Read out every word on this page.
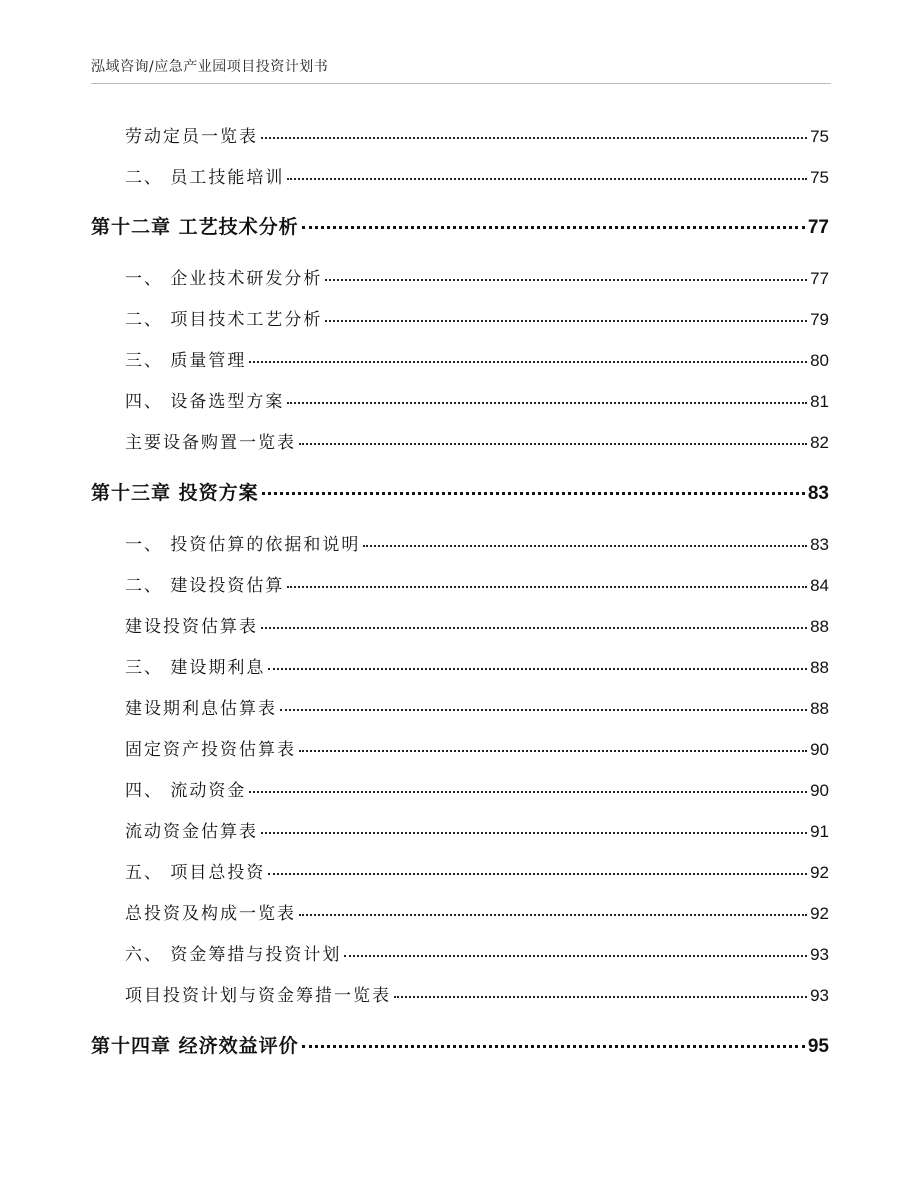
泓域咨询/应急产业园项目投资计划书
劳动定员一览表	75
二、 员工技能培训	75
第十二章 工艺技术分析	77
一、 企业技术研发分析	77
二、 项目技术工艺分析	79
三、 质量管理	80
四、 设备选型方案	81
主要设备购置一览表	82
第十三章 投资方案	83
一、 投资估算的依据和说明	83
二、 建设投资估算	84
建设投资估算表	88
三、 建设期利息	88
建设期利息估算表	88
固定资产投资估算表	90
四、 流动资金	90
流动资金估算表	91
五、 项目总投资	92
总投资及构成一览表	92
六、 资金筹措与投资计划	93
项目投资计划与资金筹措一览表	93
第十四章 经济效益评价	95
